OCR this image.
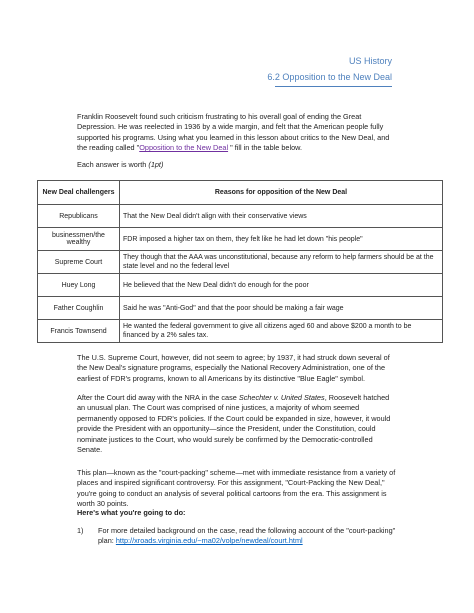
US History
6.2 Opposition to the New Deal
Franklin Roosevelt found such criticism frustrating to his overall goal of ending the Great Depression. He was reelected in 1936 by a wide margin, and felt that the American people fully supported his programs. Using what you learned in this lesson about critics to the New Deal, and the reading called "Opposition to the New Deal " fill in the table below.
Each answer is worth (1pt)
New Deal challengers	Reasons for opposition of the New Deal
Republicans	That the New Deal didn't align with their conservative views
businessmen/the wealthy	FDR imposed a higher tax on them, they felt like he had let down "his people"
Supreme Court	They though that the AAA was unconstitutional, because any reform to help farmers should be at the state level and no the federal level
Huey Long	He believed that the New Deal didn't do enough for the poor
Father Coughlin	Said he was "Anti-God" and that the poor should be making a fair wage
Francis Townsend	He wanted the federal government to give all citizens aged 60 and above $200 a month to be financed by a 2% sales tax.
The U.S. Supreme Court, however, did not seem to agree; by 1937, it had struck down several of the New Deal's signature programs, especially the National Recovery Administration, one of the earliest of FDR's programs, known to all Americans by its distinctive "Blue Eagle" symbol.
After the Court did away with the NRA in the case Schechter v. United States, Roosevelt hatched an unusual plan. The Court was comprised of nine justices, a majority of whom seemed permanently opposed to FDR's policies. If the Court could be expanded in size, however, it would provide the President with an opportunity—since the President, under the Constitution, could nominate justices to the Court, who would surely be confirmed by the Democratic-controlled Senate.
This plan—known as the "court-packing" scheme—met with immediate resistance from a variety of places and inspired significant controversy. For this assignment, "Court-Packing the New Deal," you're going to conduct an analysis of several political cartoons from the era. This assignment is worth 30 points.
Here's what you're going to do:
1) For more detailed background on the case, read the following account of the "court-packing" plan: http://xroads.virginia.edu/~ma02/volpe/newdeal/court.html
